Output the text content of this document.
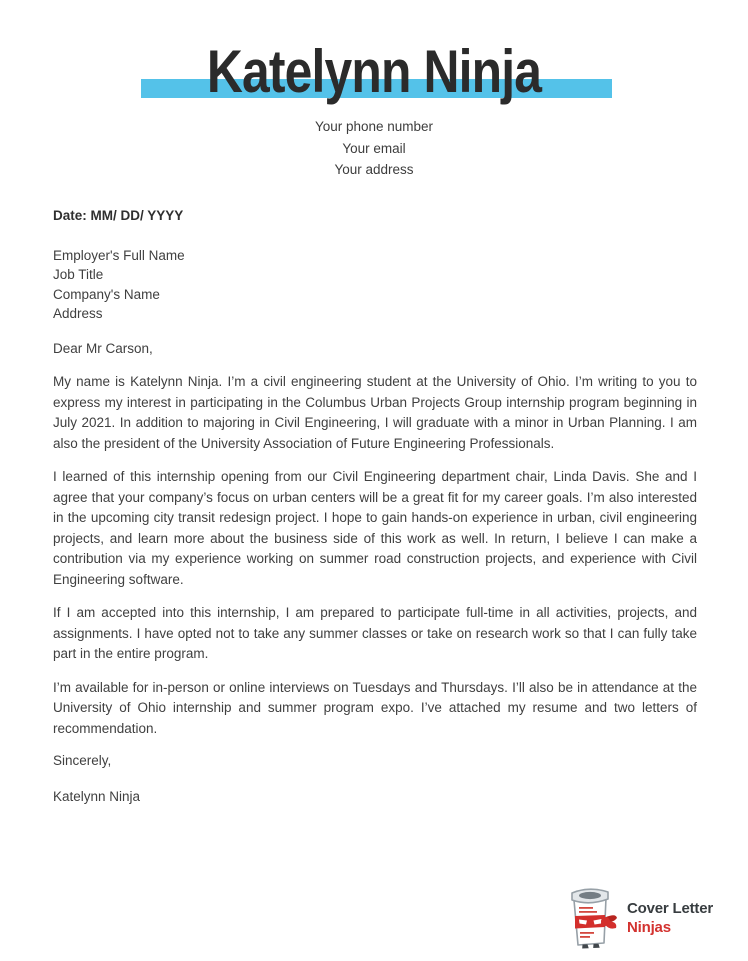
Katelynn Ninja
Your phone number
Your email
Your address

Date: MM/ DD/ YYYY

Employer's Full Name
Job Title
Company's Name
Address

Dear Mr Carson,

My name is Katelynn Ninja. I’m a civil engineering student at the University of Ohio. I’m writing to you to express my interest in participating in the Columbus Urban Projects Group internship program beginning in July 2021. In addition to majoring in Civil Engineering, I will graduate with a minor in Urban Planning. I am also the president of the University Association of Future Engineering Professionals.

I learned of this internship opening from our Civil Engineering department chair, Linda Davis. She and I agree that your company’s focus on urban centers will be a great fit for my career goals. I’m also interested in the upcoming city transit redesign project. I hope to gain hands-on experience in urban, civil engineering projects, and learn more about the business side of this work as well. In return, I believe I can make a contribution via my experience working on summer road construction projects, and experience with Civil Engineering software.

If I am accepted into this internship, I am prepared to participate full-time in all activities, projects, and assignments. I have opted not to take any summer classes or take on research work so that I can fully take part in the entire program.

I’m available for in-person or online interviews on Tuesdays and Thursdays. I’ll also be in attendance at the University of Ohio internship and summer program expo. I’ve attached my resume and two letters of recommendation.

Sincerely,

Katelynn Ninja

Cover Letter
Ninjas
